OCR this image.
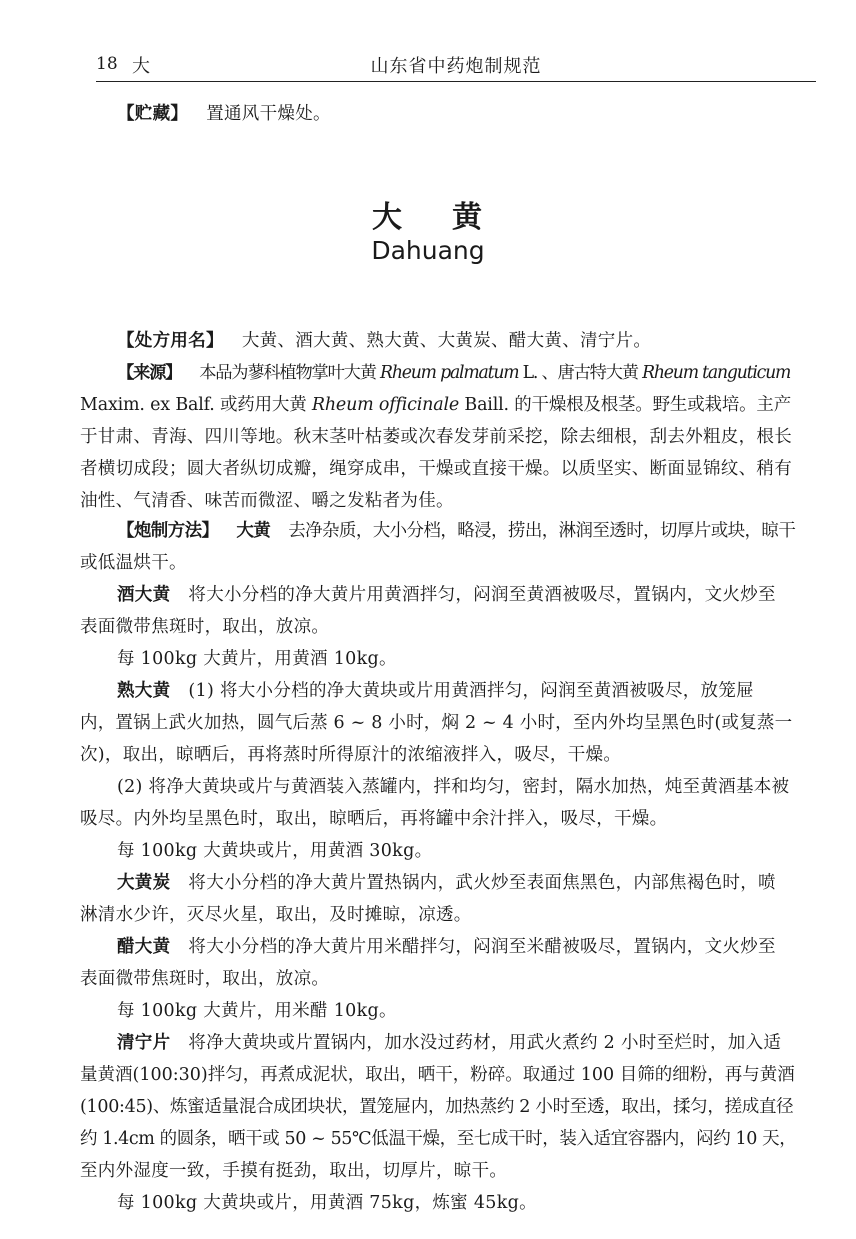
18 大	山东省中药炮制规范
【贮藏】 置通风干燥处。
大 黄
Dahuang
【处方用名】 大黄、酒大黄、熟大黄、大黄炭、醋大黄、清宁片。
【来源】 本品为蓼科植物掌叶大黄 Rheum palmatum L. 、唐古特大黄 Rheum tanguticum
Maxim. ex Balf. 或药用大黄 Rheum officinale Baill. 的干燥根及根茎。野生或栽培。主产
于甘肃、青海、四川等地。秋末茎叶枯萎或次春发芽前采挖，除去细根，刮去外粗皮，根长
者横切成段；圆大者纵切成瓣，绳穿成串，干燥或直接干燥。以质坚实、断面显锦纹、稍有
油性、气清香、味苦而微涩、嚼之发粘者为佳。
【炮制方法】 大黄 去净杂质，大小分档，略浸，捞出，淋润至透时，切厚片或块，晾干
或低温烘干。
酒大黄 将大小分档的净大黄片用黄酒拌匀，闷润至黄酒被吸尽，置锅内，文火炒至
表面微带焦斑时，取出，放凉。
每 100kg 大黄片，用黄酒 10kg。
熟大黄 (1) 将大小分档的净大黄块或片用黄酒拌匀，闷润至黄酒被吸尽，放笼屉
内，置锅上武火加热，圆气后蒸 6 ~ 8 小时，焖 2 ~ 4 小时，至内外均呈黑色时(或复蒸一
次)，取出，晾晒后，再将蒸时所得原汁的浓缩液拌入，吸尽，干燥。
(2) 将净大黄块或片与黄酒装入蒸罐内，拌和均匀，密封，隔水加热，炖至黄酒基本被
吸尽。内外均呈黑色时，取出，晾晒后，再将罐中余汁拌入，吸尽，干燥。
每 100kg 大黄块或片，用黄酒 30kg。
大黄炭 将大小分档的净大黄片置热锅内，武火炒至表面焦黑色，内部焦褐色时，喷
淋清水少许，灭尽火星，取出，及时摊晾，凉透。
醋大黄 将大小分档的净大黄片用米醋拌匀，闷润至米醋被吸尽，置锅内，文火炒至
表面微带焦斑时，取出，放凉。
每 100kg 大黄片，用米醋 10kg。
清宁片 将净大黄块或片置锅内，加水没过药材，用武火煮约 2 小时至烂时，加入适
量黄酒(100:30)拌匀，再煮成泥状，取出，晒干，粉碎。取通过 100 目筛的细粉，再与黄酒
(100:45)、炼蜜适量混合成团块状，置笼屉内，加热蒸约 2 小时至透，取出，揉匀，搓成直径
约 1.4cm 的圆条，晒干或 50 ~ 55℃低温干燥，至七成干时，装入适宜容器内，闷约 10 天，
至内外湿度一致，手摸有挺劲，取出，切厚片，晾干。
每 100kg 大黄块或片，用黄酒 75kg，炼蜜 45kg。
